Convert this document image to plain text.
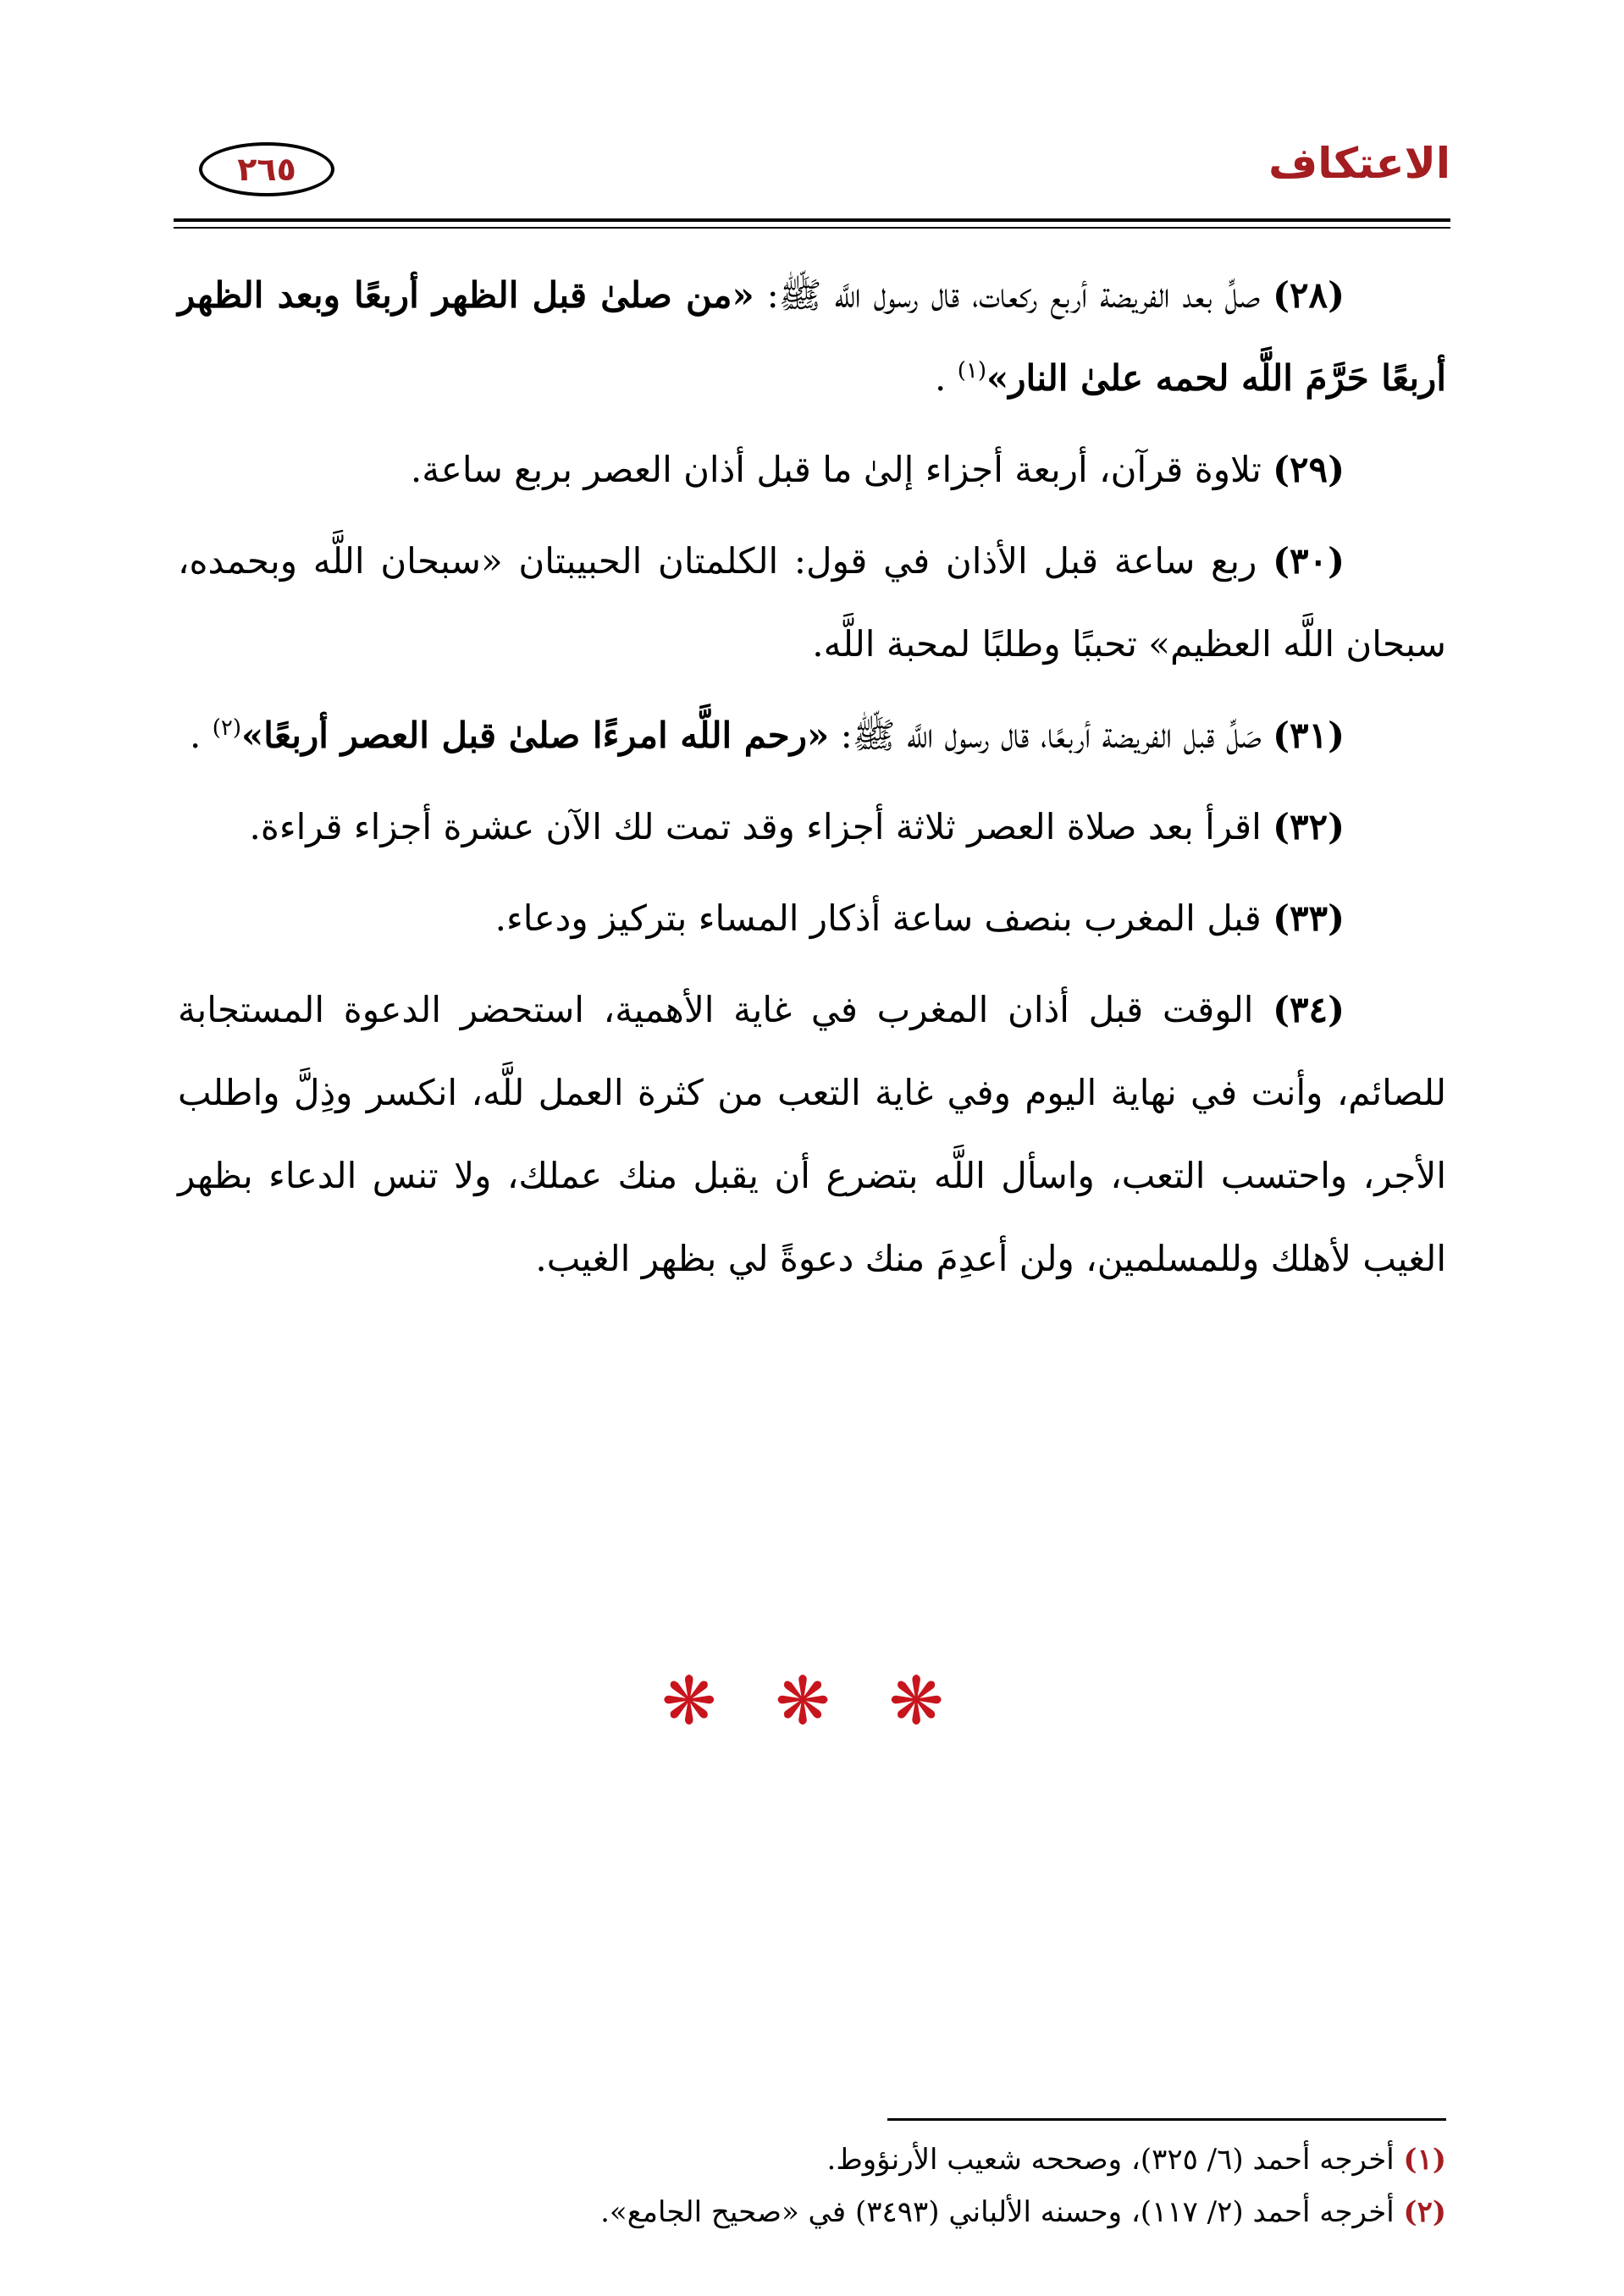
الاعتكاف
٢٦٥

(٢٨) صلِّ بعد الفريضة أربع ركعات، قال رسول اللَّه ﷺ: «من صلىٰ قبل الظهر أربعًا وبعد الظهر أربعًا حَرَّمَ اللَّه لحمه علىٰ النار»$^{(١)}$ .

(٢٩) تلاوة قرآن، أربعة أجزاء إلىٰ ما قبل أذان العصر بربع ساعة.

(٣٠) ربع ساعة قبل الأذان في قول: الكلمتان الحبيبتان «سبحان اللَّه وبحمده، سبحان اللَّه العظيم» تحببًا وطلبًا لمحبة اللَّه.

(٣١) صَلِّ قبل الفريضة أربعًا، قال رسول اللَّه ﷺ: «رحم اللَّه امرءًا صلىٰ قبل العصر أربعًا»$^{(٢)}$ .

(٣٢) اقرأ بعد صلاة العصر ثلاثة أجزاء وقد تمت لك الآن عشرة أجزاء قراءة.

(٣٣) قبل المغرب بنصف ساعة أذكار المساء بتركيز ودعاء.

(٣٤) الوقت قبل أذان المغرب في غاية الأهمية، استحضر الدعوة المستجابة للصائم، وأنت في نهاية اليوم وفي غاية التعب من كثرة العمل للَّه، انكسر وذِلَّ واطلب الأجر، واحتسب التعب، واسأل اللَّه بتضرع أن يقبل منك عملك، ولا تنس الدعاء بظهر الغيب لأهلك وللمسلمين، ولن أعدِمَ منك دعوةً لي بظهر الغيب.

❋ ❋ ❋

(١) أخرجه أحمد (٦/ ٣٢٥)، وصححه شعيب الأرنؤوط.

(٢) أخرجه أحمد (٢/ ١١٧)، وحسنه الألباني (٣٤٩٣) في «صحيح الجامع».
